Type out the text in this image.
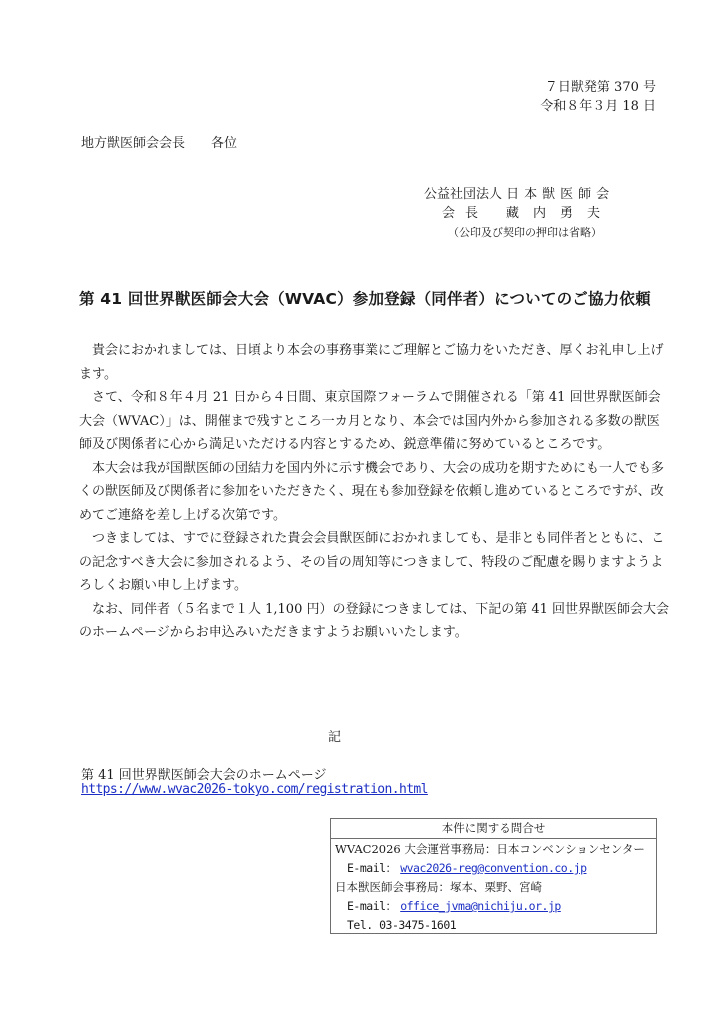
７日獣発第 370 号
令和８年３月 18 日
地方獣医師会会長 各位
公益社団法人 日本獣医師会
会長 藏内勇夫
（公印及び契印の押印は省略）
第 41 回世界獣医師会大会（WVAC）参加登録（同伴者）についてのご協力依頼

貴会におかれましては、日頃より本会の事務事業にご理解とご協力をいただき、厚くお礼申し上げます。

さて、令和８年４月 21 日から４日間、東京国際フォーラムで開催される「第 41 回世界獣医師会大会（WVAC）」は、開催まで残すところ一カ月となり、本会では国内外から参加される多数の獣医師及び関係者に心から満足いただける内容とするため、鋭意準備に努めているところです。

本大会は我が国獣医師の団結力を国内外に示す機会であり、大会の成功を期すためにも一人でも多くの獣医師及び関係者に参加をいただきたく、現在も参加登録を依頼し進めているところですが、改めてご連絡を差し上げる次第です。

つきましては、すでに登録された貴会会員獣医師におかれましても、是非とも同伴者とともに、この記念すべき大会に参加されるよう、その旨の周知等につきまして、特段のご配慮を賜りますようよろしくお願い申し上げます。

なお、同伴者（５名まで１人 1,100 円）の登録につきましては、下記の第 41 回世界獣医師会大会のホームページからお申込みいただきますようお願いいたします。

記
第 41 回世界獣医師会大会のホームページ
https://www.wvac2026-tokyo.com/registration.html
本件に関する問合せ
WVAC2026 大会運営事務局：日本コンベンションセンター
E-mail： wvac2026-reg@convention.co.jp
日本獣医師会事務局：塚本、栗野、宮崎
E-mail： office_jvma@nichiju.or.jp
Tel. 03-3475-1601
